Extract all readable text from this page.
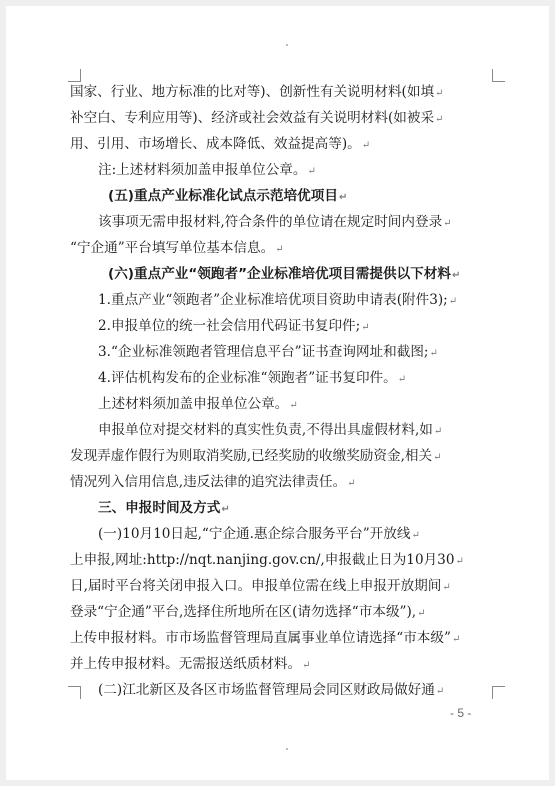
国家、行业、地方标准的比对等)、创新性有关说明材料(如填↵
补空白、专利应用等)、经济或社会效益有关说明材料(如被采↵
用、引用、市场增长、成本降低、效益提高等)。↵
注:上述材料须加盖申报单位公章。↵
(五)重点产业标准化试点示范培优项目↵
该事项无需申报材料,符合条件的单位请在规定时间内登录↵
“宁企通”平台填写单位基本信息。↵
(六)重点产业“领跑者”企业标准培优项目需提供以下材料↵
1.重点产业“领跑者”企业标准培优项目资助申请表(附件3);↵
2.申报单位的统一社会信用代码证书复印件;↵
3.“企业标准领跑者管理信息平台”证书查询网址和截图;↵
4.评估机构发布的企业标准“领跑者”证书复印件。↵
上述材料须加盖申报单位公章。↵
申报单位对提交材料的真实性负责,不得出具虚假材料,如↵
发现弄虚作假行为则取消奖励,已经奖励的收缴奖励资金,相关↵
情况列入信用信息,违反法律的追究法律责任。↵
三、申报时间及方式↵
(一)10月10日起,“宁企通.惠企综合服务平台”开放线↵
上申报,网址:http://nqt.nanjing.gov.cn/,申报截止日为10月30↵
日,届时平台将关闭申报入口。申报单位需在线上申报开放期间↵
登录“宁企通”平台,选择住所地所在区(请勿选择“市本级”),↵
上传申报材料。市市场监督管理局直属事业单位请选择“市本级”↵
并上传申报材料。无需报送纸质材料。↵
(二)江北新区及各区市场监督管理局会同区财政局做好通↵
- 5 -
